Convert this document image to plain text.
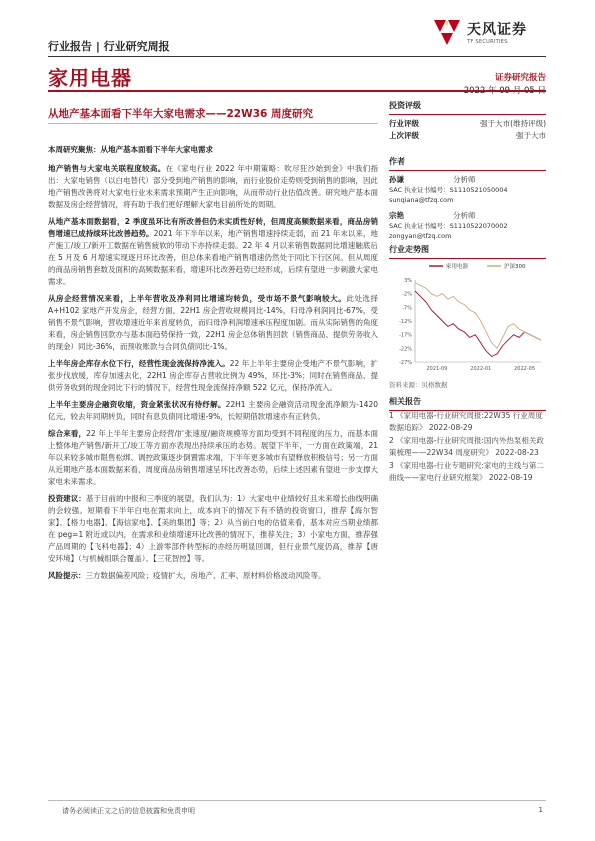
天风证券
TF SECURITIES
行业报告 | 行业研究周报
家用电器	证券研究报告
从地产基本面看下半年大家电需求——22W36 周度研究

本周研究聚焦：从地产基本面看下半年大家电需求

地产销售与大家电关联程度较高。在《家电行业 2022 年中期策略：吹尽狂沙始到金》中我们指出：大家电销售（以白电替代）部分受到地产销售的影响，而行业股价走势则受到销售的影响，因此地产销售改善将对大家电行业未来需求预期产生正向影响，从而带动行业估值改善。研究地产基本面数据及房企经营情况，将有助于我们更好理解大家电目前所处的周期。

从地产基本面数据看，2 季度虽环比有所改善但仍未实质性好转，但周度高频数据来看，商品房销售增速已成持续环比改善趋势。2021 年下半年以来，地产销售增速持续走弱，而 21 年末以来，地产施工/竣工/新开工数据在销售疲软的带动下亦持续走弱。22 年 4 月以来销售数据同比增速触底后在 5 月及 6 月增速实现逐月环比改善，但总体来看地产销售增速仍然处于同比下行区间。但从周度的商品房销售套数及面积的高频数据来看，增速环比改善趋势已经形成，后续有望进一步刺激大家电需求。

从房企经营情况来看，上半年营收及净利同比增速均转负，受市场不景气影响较大。此处选择 A+H102 家地产开发房企，经营方面，22H1 房企营收规模同比-14%，归母净利润同比-67%，受销售不景气影响，营收增速近年来首度转负，而归母净利润增速承压程度加剧。而从实际销售的角度来看，房企销售回款亦与基本面趋势保持一致，22H1 房企总体销售回款（销售商品、提供劳务收入的现金）同比-36%，而预收账款与合同负债同比-1%。

上半年房企库存水位下行，经营性现金流保持净流入。22 年上半年主要房企受地产不景气影响，扩张步伐放缓，库存加速去化，22H1 房企库存占营收比例为 49%，环比-3%；同时在销售商品、提供劳务收到的现金同比下行的情况下，经营性现金流保持净额 522 亿元，保持净流入。

上半年主要房企融资收缩，资金紧张状况有待纾解。22H1 主要房企融资活动现金流净额为-1420 亿元，较去年同期转负，同时有息负债同比增速-9%，长短期借款增速亦有正转负。

综合来看，22 年上半年主要房企经营/扩张速度/融资规模等方面均受到不同程度的压力，而基本面上整体地产销售/新开工/竣工等方面亦表现出持续承压的态势。展望下半年，一方面在政策端，21 年以来较多城市限售松绑、调控政策逐步倒置需求端，下半年更多城市有望释放积极信号；另一方面从近期地产基本面数据来看，周度商品房销售增速呈环比改善态势，后续上述因素有望进一步支撑大家电未来需求。

投资建议：基于目前的中报和三季度的展望，我们认为：1）大家电中业绩较好且未来增长曲线明确的会较强。短期看下半年白电在需求向上，成本向下的情况下有不错的投资窗口，推荐【海尔智家】、【格力电器】、【海信家电】、【美的集团】等；2）从当前白电的估值来看，基本对应当期业绩都在 peg=1 附近或以内，在需求和业绩增速环比改善的情况下，推荐关注；3）小家电方面，推荐强产品周期的【飞科电器】；4）上游零部件转型标的亦经历明显回调，但行业景气度仍高，推荐【唐安环境】（与机械组联合覆盖）、【三花智控】等。

风险提示：三方数据偏差风险；疫情扩大，房地产、汇率、原材料价格波动风险等。

投资评级
行业评级	强于大市(维持评级)
上次评级	强于大市
作者
孙谦	分析师
SAC 执业证书编号：S1110521050004
sunqiana@tfzq.com
宗艳	分析师
SAC 执业证书编号：S1110522070002
zongyan@tfzq.com
行业走势图
3%
-2%
-7%
-12%
-17%
-22%
-27%
2021-09	2022-01	2022-05
家用电器	沪深300
资料来源：贝格数据
相关报告
1 《家用电器-行业研究周报:22W35 行业周度数据追踪》 2022-08-29
2 《家用电器-行业研究周报:国内外热泵相关政策梳理——22W34 周度研究》 2022-08-23
3 《家用电器-行业专题研究:家电的主线与第二曲线——家电行业研究框架》 2022-08-19
请务必阅读正文之后的信息披露和免责申明	1
